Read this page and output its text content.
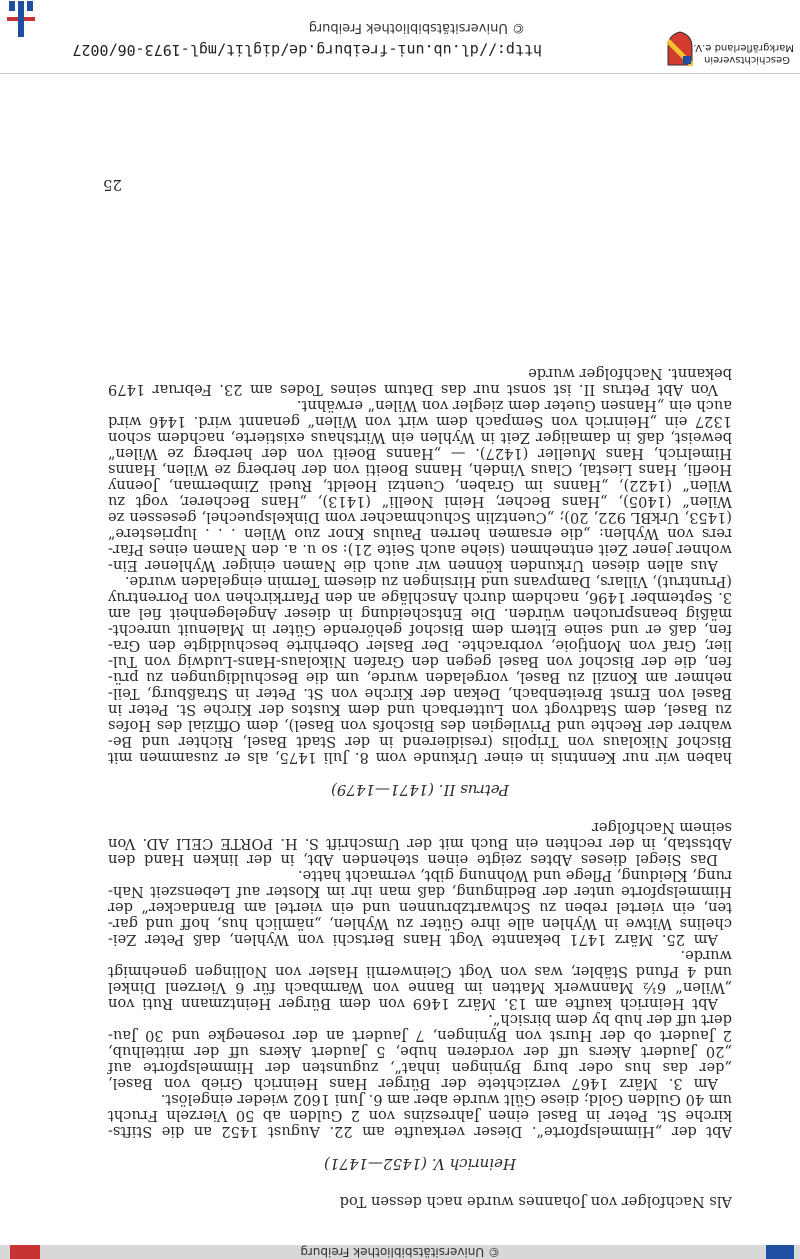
© Universitätsbibliothek Freiburg
Als Nachfolger von Johannes wurde nach dessen Tod
Heinrich V. (1452—1471)
Abt der „Himmelspforte“. Dieser verkaufte am 22. August 1452 an die Stifts-
kirche St. Peter in Basel einen Jahreszins von 2 Gulden ab 50 Vierzeln Frucht
um 40 Gulden Gold; diese Gült wurde aber am 6. Juni 1602 wieder eingelöst.
Am 3. März 1467 verzichtete der Bürger Hans Heinrich Grieb von Basel,
„der das hus oder burg Byningen inhat“, zugunsten der Himmelspforte auf
„20 Jaudert Akers uff der vorderen hube, 5 Jaudert Akers uff der mittelhub,
2 Jaudert ob der Hurst von Byningen, 7 Jaudert an der rosenegke und 30 Jau-
dert uff der hub by dem birsich“.
Abt Heinrich kaufte am 13. März 1469 von dem Bürger Heintzmann Ruti von
„Wilen“ 6½ Mannwerk Matten im Banne von Warmbach für 6 Vierzenl Dinkel
und 4 Pfund Stäbler, was von Vogt Cleinwernli Hasler von Nollingen genehmigt
wurde.
Am 25. März 1471 bekannte Vogt Hans Bertschi von Wyhlen, daß Peter Zei-
chelins Witwe in Wyhlen alle ihre Güter zu Wyhlen, „nämlich hus, hoff und gar-
ten, ein viertel reben zu Schwartzbrunnen und ein viertel am Brandacker“ der
Himmelspforte unter der Bedingung, daß man ihr im Kloster auf Lebenszeit Nah-
rung, Kleidung, Pflege und Wohnung gibt, vermacht hatte.
Das Siegel dieses Abtes zeigte einen stehenden Abt, in der linken Hand den
Abtsstab, in der rechten ein Buch mit der Umschrift S. H. PORTE CELI AD. Von
seinem Nachfolger
Petrus II. (1471—1479)
haben wir nur Kenntnis in einer Urkunde vom 8. Juli 1475, als er zusammen mit
Bischof Nikolaus von Tripolis (residierend in der Stadt Basel, Richter und Be-
wahrer der Rechte und Privilegien des Bischofs von Basel), dem Offizial des Hofes
zu Basel, dem Stadtvogt von Lutterbach und dem Kustos der Kirche St. Peter in
Basel von Ernst Breitenbach, Dekan der Kirche von St. Peter in Straßburg, Teil-
nehmer am Konzil zu Basel, vorgeladen wurde, um die Beschuldigungen zu prü-
fen, die der Bischof von Basel gegen den Grafen Nikolaus-Hans-Ludwig von Tul-
lier, Graf von Montjoie, vorbrachte. Der Basler Oberhirte beschuldigte den Gra-
fen, daß er und seine Eltern dem Bischof gehörende Güter in Malenuit unrecht-
mäßig beanspruchen würden. Die Entscheidung in dieser Angelegenheit fiel am
3. September 1496, nachdem durch Anschläge an den Pfarrkirchen von Porrentruy
(Pruntrut), Villars, Dampvans und Hirsingen zu diesem Termin eingeladen wurde.
Aus allen diesen Urkunden können wir auch die Namen einiger Wyhlener Ein-
wohner jener Zeit entnehmen (siehe auch Seite 21): so u. a. den Namen eines Pfar-
rers von Wyhlen: „die ersamen herren Paulus Knor zuo Wilen . . . lupriestere“
(1453, UrkBL 922, 20); „Cuentzlin Schuchmacher vom Dinkelspuechel, gesessen ze
Wilen“ (1405), „Hans Becher, Heini Noelli“ (1413), „Hans Becherer, vogt zu
Wilen“ (1422), „Hanns im Graben, Cuentzi Hoeldt, Ruedi Zimberman, Joenny
Hoefli, Hans Liestal, Claus Vindeh, Hanns Boeiti von der herberg ze Wilen, Hanns
Himelrich, Hans Mueller (1427). — „Hanns Boeiti von der herberg ze Wilen“
beweist, daß in damaliger Zeit in Wyhlen ein Wirtshaus existierte, nachdem schon
1327 ein „Heinrich von Sempach dem wirt von Wilen“ genannt wird. 1446 wird
auch ein „Hansen Gueter dem ziegler von Wilen“ erwähnt.
Von Abt Petrus II. ist sonst nur das Datum seines Todes am 23. Februar 1479
bekannt. Nachfolger wurde
25
Geschichtsverein
Markgräflerland e.V.
http://dl.ub.uni-freiburg.de/diglit/mgl-1973-06/0027
© Universitätsbibliothek Freiburg
